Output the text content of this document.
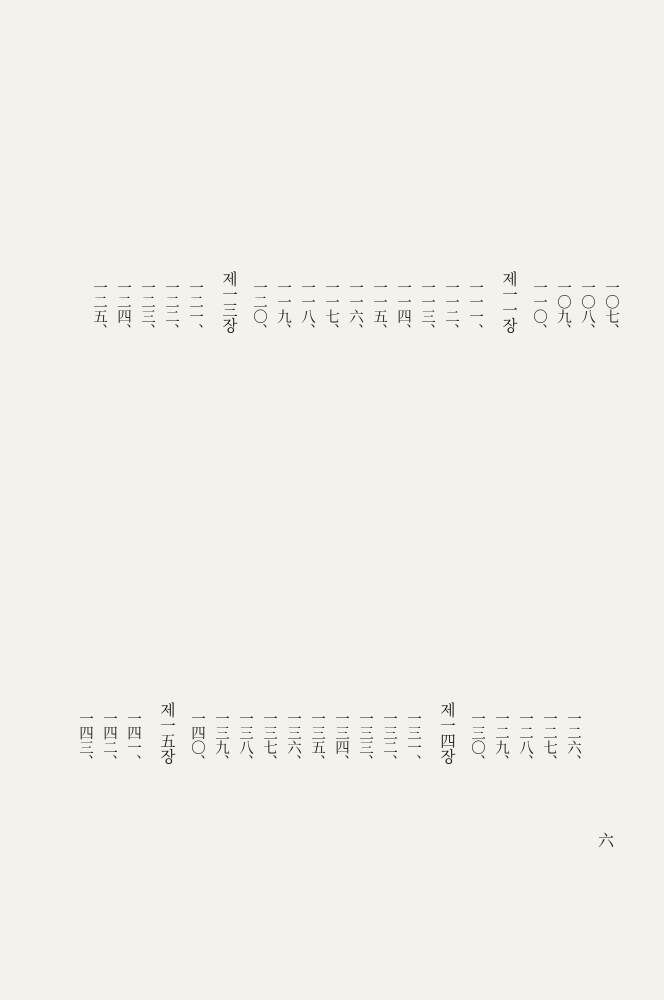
一〇七、
一〇八、
一〇九、
一一〇、
제一一장
一一一、
一一二、
一一三、
一一四、
一一五、
一一六、
一一七、
一一八、
一一九、
一二〇、
제一三장
一二一、
一二二、
一二三、
一二四、
一二五、
一二六、
一二七、
一二八、
一二九、
一三〇、
제一四장
一三一、
一三二、
一三三、
一三四、
一三五、
一三六、
一三七、
一三八、
一三九、
一四〇、
제一五장
一四一、
一四二、
一四三、
六
